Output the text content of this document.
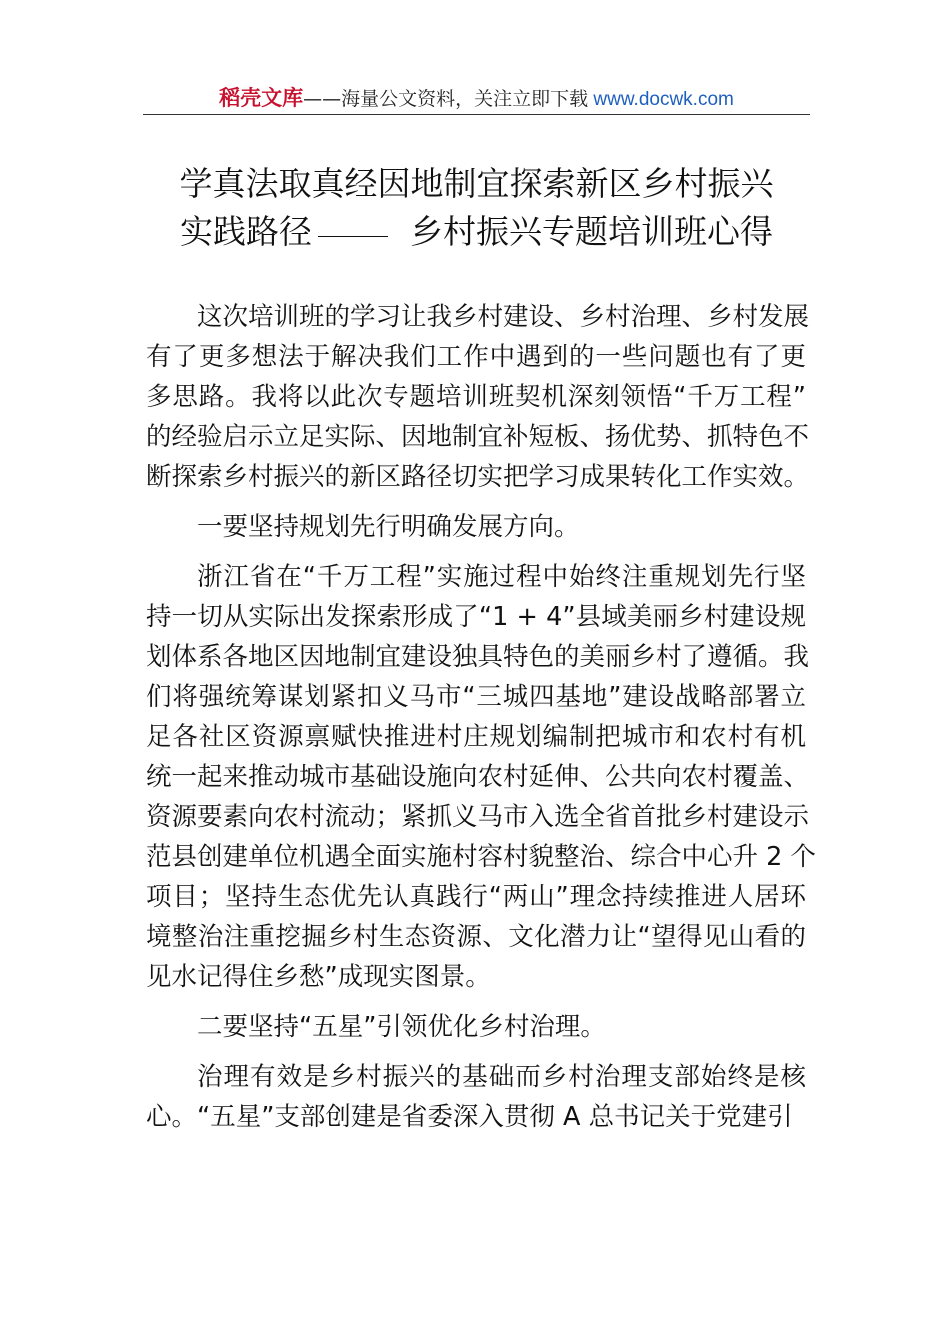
稻壳文库——海量公文资料，关注立即下载 www.docwk.com
学真法取真经因地制宜探索新区乡村振兴
实践路径	乡村振兴专题培训班心得
这次培训班的学习让我乡村建设、乡村治理、乡村发展
有了更多想法于解决我们工作中遇到的一些问题也有了更
多思路。我将以此次专题培训班契机深刻领悟“千万工程”
的经验启示立足实际、因地制宜补短板、扬优势、抓特色不
断探索乡村振兴的新区路径切实把学习成果转化工作实效。
一要坚持规划先行明确发展方向。
浙江省在“千万工程”实施过程中始终注重规划先行坚
持一切从实际出发探索形成了“1 + 4”县域美丽乡村建设规
划体系各地区因地制宜建设独具特色的美丽乡村了遵循。我
们将强统筹谋划紧扣义马市“三城四基地”建设战略部署立
足各社区资源禀赋快推进村庄规划编制把城市和农村有机
统一起来推动城市基础设施向农村延伸、公共向农村覆盖、
资源要素向农村流动；紧抓义马市入选全省首批乡村建设示
范县创建单位机遇全面实施村容村貌整治、综合中心升 2 个
项目；坚持生态优先认真践行“两山”理念持续推进人居环
境整治注重挖掘乡村生态资源、文化潜力让“望得见山看的
见水记得住乡愁”成现实图景。
二要坚持“五星”引领优化乡村治理。
治理有效是乡村振兴的基础而乡村治理支部始终是核
心。“五星”支部创建是省委深入贯彻 A 总书记关于党建引
